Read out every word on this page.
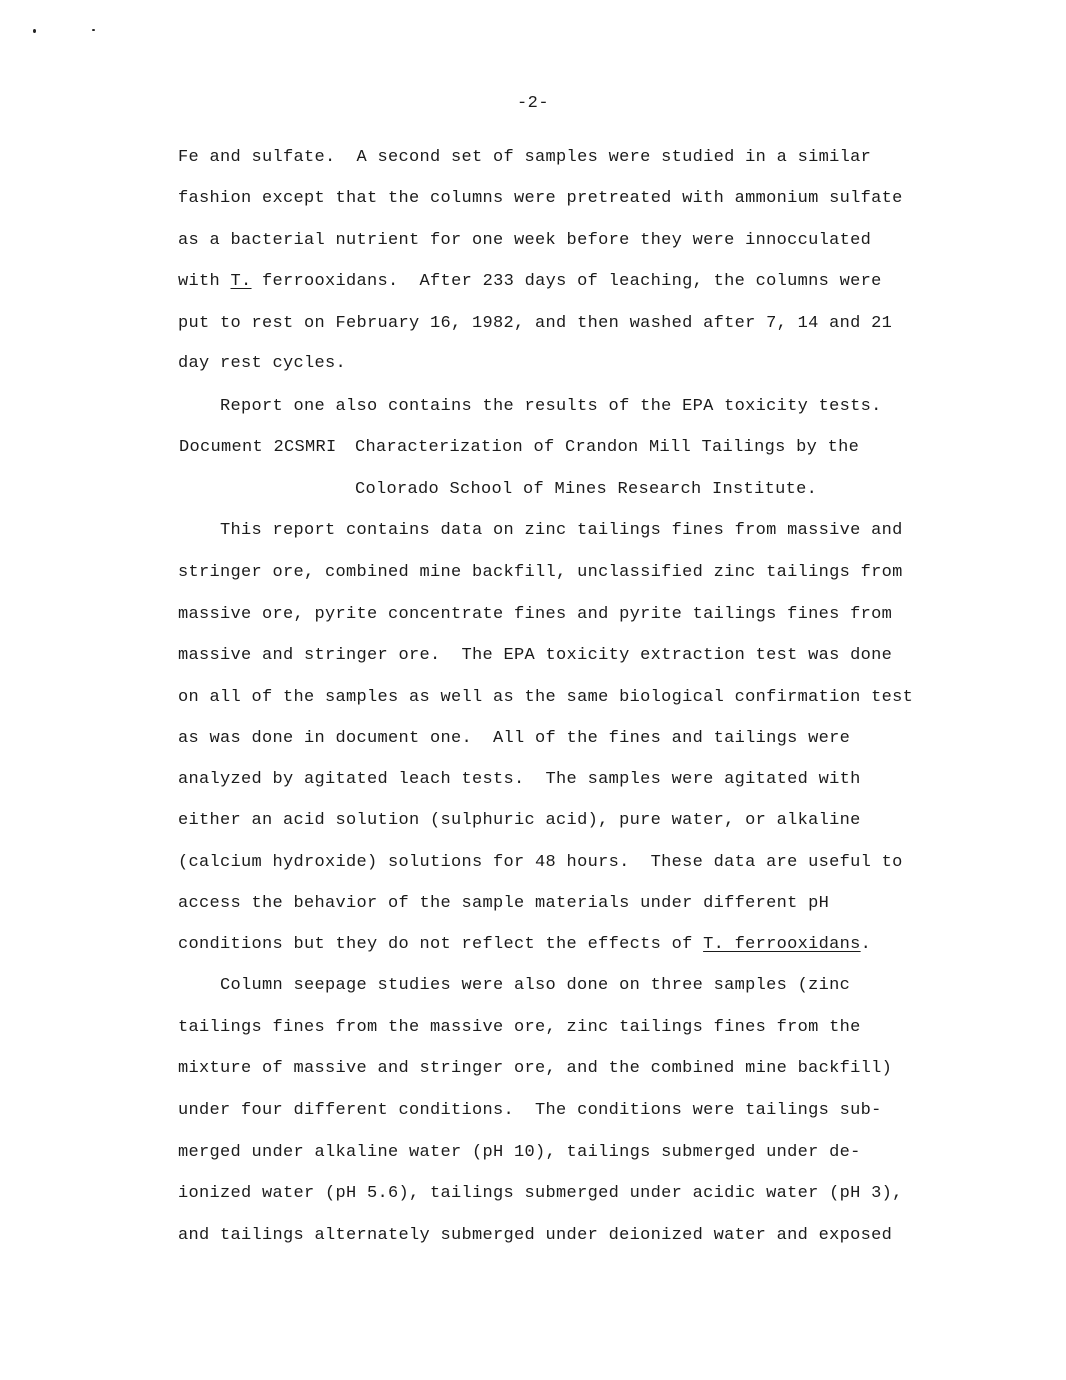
-2-
Fe and sulfate.  A second set of samples were studied in a similar
fashion except that the columns were pretreated with ammonium sulfate
as a bacterial nutrient for one week before they were innocculated
with T. ferrooxidans.  After 233 days of leaching, the columns were
put to rest on February 16, 1982, and then washed after 7, 14 and 21
day rest cycles.
Report one also contains the results of the EPA toxicity tests.
Document 2CSMRI Characterization of Crandon Mill Tailings by the
Colorado School of Mines Research Institute.
This report contains data on zinc tailings fines from massive and
stringer ore, combined mine backfill, unclassified zinc tailings from
massive ore, pyrite concentrate fines and pyrite tailings fines from
massive and stringer ore.  The EPA toxicity extraction test was done
on all of the samples as well as the same biological confirmation test
as was done in document one.  All of the fines and tailings were
analyzed by agitated leach tests.  The samples were agitated with
either an acid solution (sulphuric acid), pure water, or alkaline
(calcium hydroxide) solutions for 48 hours.  These data are useful to
access the behavior of the sample materials under different pH
conditions but they do not reflect the effects of T. ferrooxidans.
Column seepage studies were also done on three samples (zinc
tailings fines from the massive ore, zinc tailings fines from the
mixture of massive and stringer ore, and the combined mine backfill)
under four different conditions.  The conditions were tailings sub-
merged under alkaline water (pH 10), tailings submerged under de-
ionized water (pH 5.6), tailings submerged under acidic water (pH 3),
and tailings alternately submerged under deionized water and exposed
